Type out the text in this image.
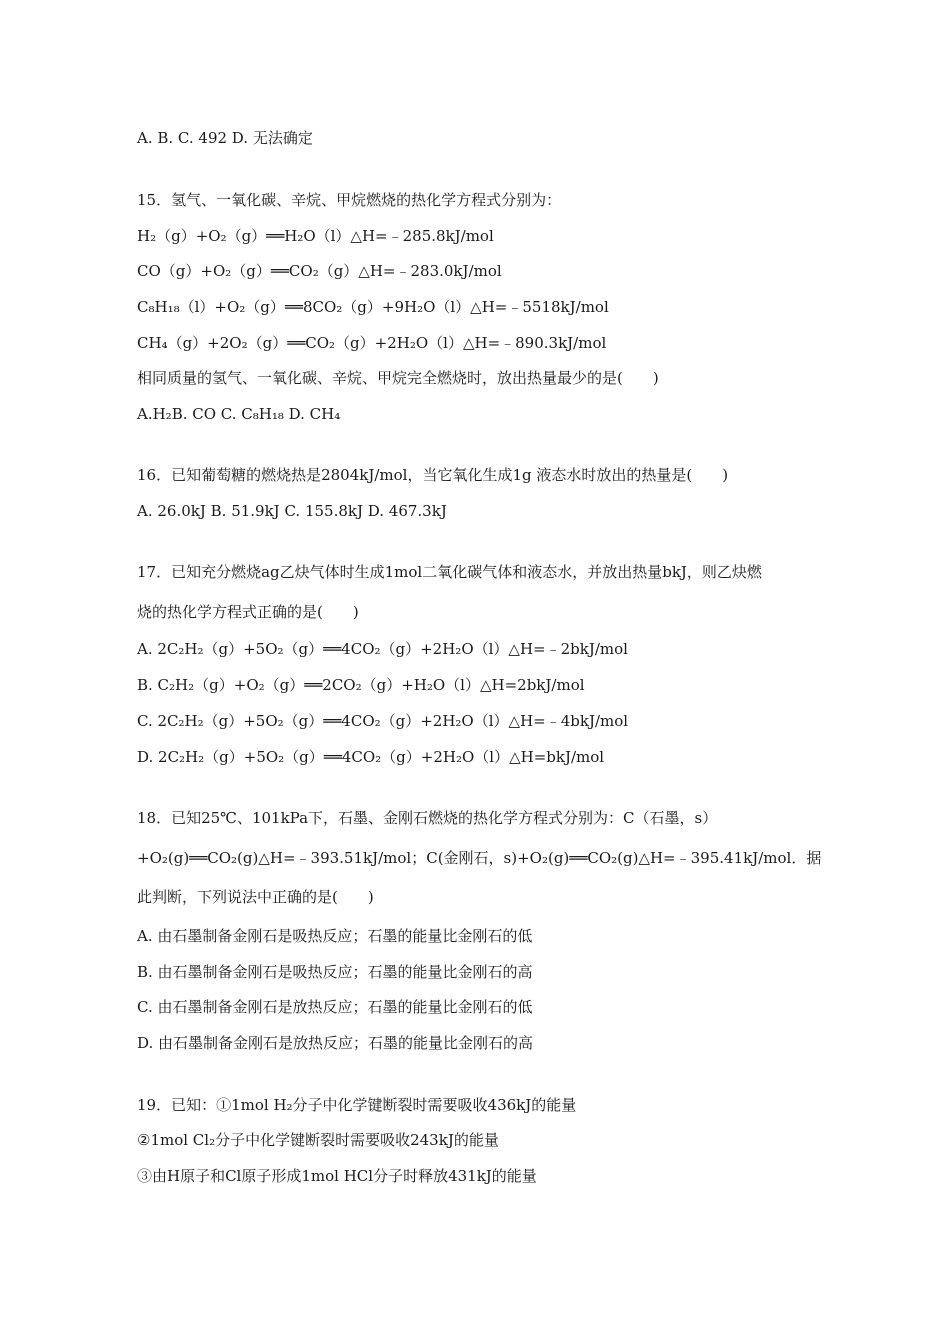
A. B. C. 492 D. 无法确定
15．氢气、一氧化碳、辛烷、甲烷燃烧的热化学方程式分别为：
H₂（g）+O₂（g）══H₂O（l）△H=﹣285.8kJ/mol
CO（g）+O₂（g）══CO₂（g）△H=﹣283.0kJ/mol
C₈H₁₈（l）+O₂（g）══8CO₂（g）+9H₂O（l）△H=﹣5518kJ/mol
CH₄（g）+2O₂（g）══CO₂（g）+2H₂O（l）△H=﹣890.3kJ/mol
相同质量的氢气、一氧化碳、辛烷、甲烷完全燃烧时，放出热量最少的是(　　)
A.H₂B. CO C. C₈H₁₈ D. CH₄
16．已知葡萄糖的燃烧热是2804kJ/mol，当它氧化生成1g 液态水时放出的热量是(　　)
A. 26.0kJ B. 51.9kJ C. 155.8kJ D. 467.3kJ
17．已知充分燃烧ag乙炔气体时生成1mol二氧化碳气体和液态水，并放出热量bkJ，则乙炔燃
烧的热化学方程式正确的是(　　)
A. 2C₂H₂（g）+5O₂（g）══4CO₂（g）+2H₂O（l）△H=﹣2bkJ/mol
B. C₂H₂（g）+O₂（g）══2CO₂（g）+H₂O（l）△H=2bkJ/mol
C. 2C₂H₂（g）+5O₂（g）══4CO₂（g）+2H₂O（l）△H=﹣4bkJ/mol
D. 2C₂H₂（g）+5O₂（g）══4CO₂（g）+2H₂O（l）△H=bkJ/mol
18．已知25℃、101kPa下，石墨、金刚石燃烧的热化学方程式分别为：C（石墨，s）
+O₂(g)══CO₂(g)△H=﹣393.51kJ/mol；C(金刚石，s)+O₂(g)══CO₂(g)△H=﹣395.41kJ/mol．据
此判断，下列说法中正确的是(　　)
A. 由石墨制备金刚石是吸热反应；石墨的能量比金刚石的低
B. 由石墨制备金刚石是吸热反应；石墨的能量比金刚石的高
C. 由石墨制备金刚石是放热反应；石墨的能量比金刚石的低
D. 由石墨制备金刚石是放热反应；石墨的能量比金刚石的高
19．已知：①1mol H₂分子中化学键断裂时需要吸收436kJ的能量
②1mol Cl₂分子中化学键断裂时需要吸收243kJ的能量
③由H原子和Cl原子形成1mol HCl分子时释放431kJ的能量
